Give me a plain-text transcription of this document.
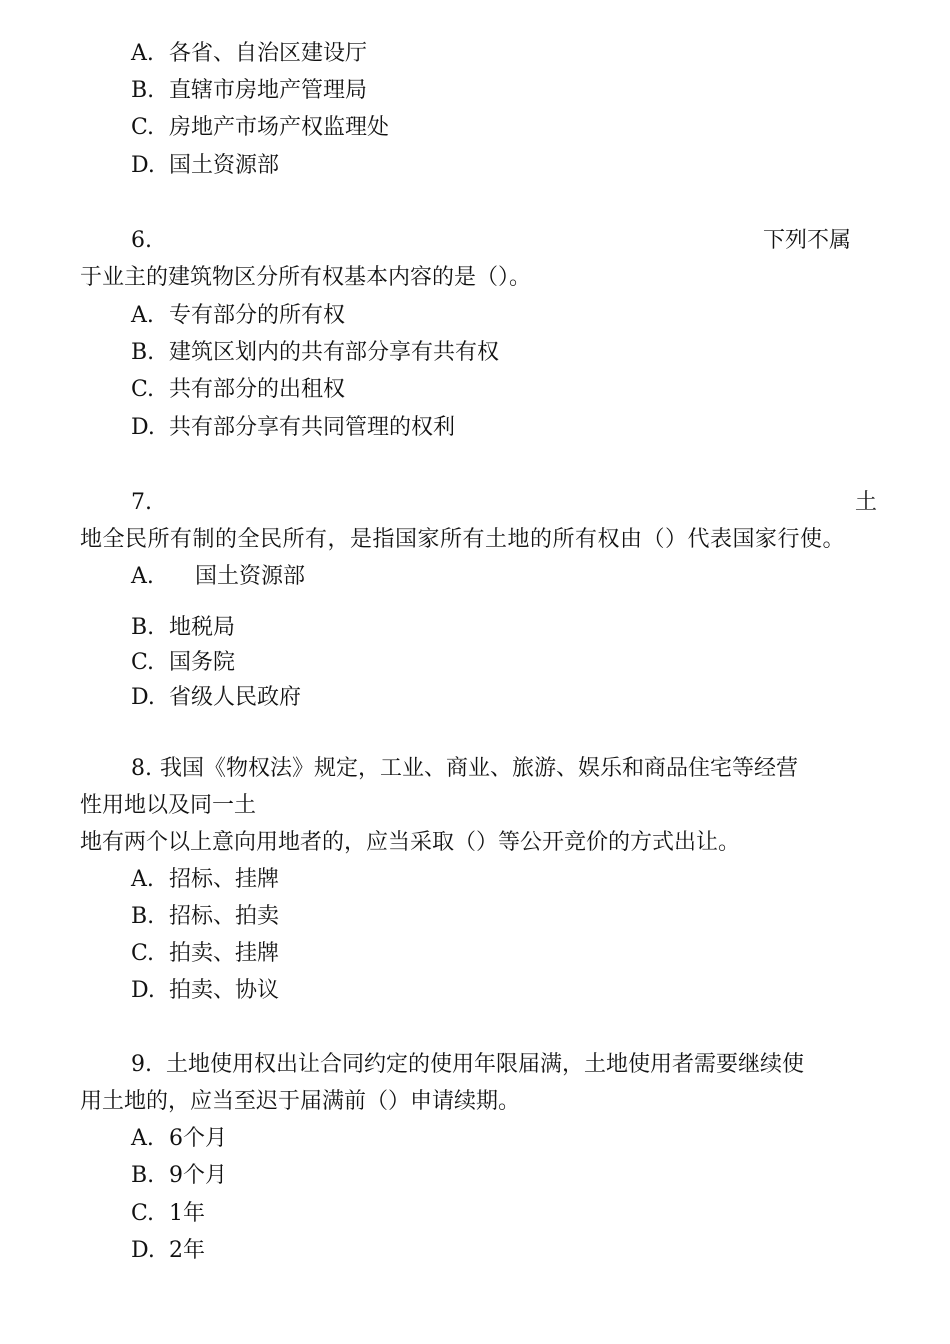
A. 各省、自治区建设厅
B. 直辖市房地产管理局
C. 房地产市场产权监理处
D. 国土资源部
6.	下列不属
于业主的建筑物区分所有权基本内容的是（）。
A. 专有部分的所有权
B. 建筑区划内的共有部分享有共有权
C. 共有部分的出租权
D. 共有部分享有共同管理的权利
7.	土
地全民所有制的全民所有，是指国家所有土地的所有权由（）代表国家行使。
A. 国土资源部
B. 地税局
C. 国务院
D. 省级人民政府
8. 我国《物权法》规定，工业、商业、旅游、娱乐和商品住宅等经营
性用地以及同一土
地有两个以上意向用地者的，应当采取（）等公开竞价的方式出让。
A. 招标、挂牌
B. 招标、拍卖
C. 拍卖、挂牌
D. 拍卖、协议
9. 土地使用权出让合同约定的使用年限届满，土地使用者需要继续使
用土地的，应当至迟于届满前（）申请续期。
A. 6个月
B. 9个月
C. 1年
D. 2年
